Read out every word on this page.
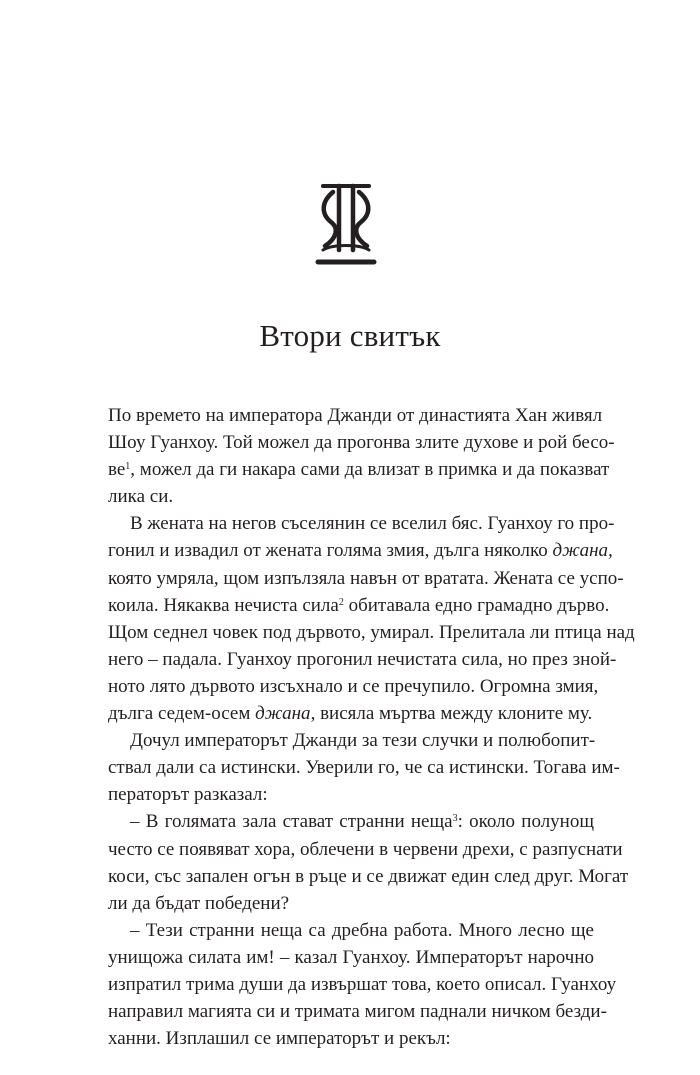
Втори свитък
По времето на императора Джанди от династията Хан живял
Шоу Гуанхоу. Той можел да прогонва злите духове и рой бесо-
$ве^1$, можел да ги накара сами да влизат в примка и да показват
лика си.
В жената на негов съселянин се вселил бяс. Гуанхоу го про-
гонил и извадил от жената голяма змия, дълга няколко джана,
която умряла, щом изпълзяла навън от вратата. Жената се успо-
коила. Някаква нечиста сила$^2$ обитавала едно грамадно дърво.
Щом седнел човек под дървото, умирал. Прелитала ли птица над
него – падала. Гуанхоу прогонил нечистата сила, но през зной-
ното лято дървото изсъхнало и се пречупило. Огромна змия,
дълга седем-осем джана, висяла мъртва между клоните му.
Дочул императорът Джанди за тези случки и полюбопит-
ствал дали са истински. Уверили го, че са истински. Тогава им-
ператорът разказал:
– В голямата зала стават странни неща$^3$: около полунощ
често се появяват хора, облечени в червени дрехи, с разпуснати
коси, със запален огън в ръце и се движат един след друг. Могат
ли да бъдат победени?
– Тези странни неща са дребна работа. Много лесно ще
унищожа силата им! – казал Гуанхоу. Императорът нарочно
изпратил трима души да извършат това, което описал. Гуанхоу
направил магията си и тримата мигом паднали ничком безди-
ханни. Изплашил се императорът и рекъл:
